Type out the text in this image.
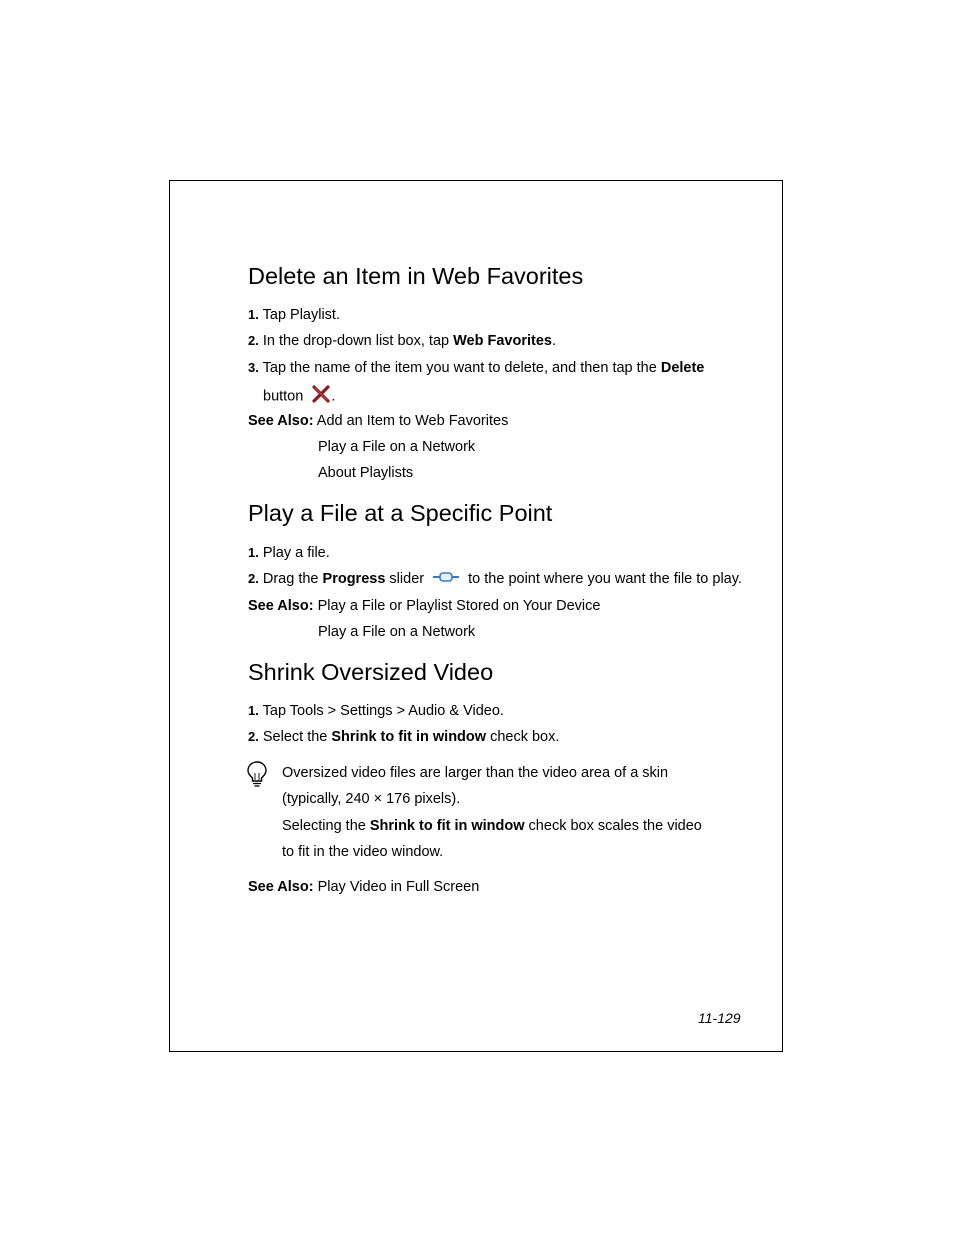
Delete an Item in Web Favorites
1. Tap Playlist.
2. In the drop-down list box, tap Web Favorites.
3. Tap the name of the item you want to delete, and then tap the Delete
button .
See Also: Add an Item to Web Favorites
Play a File on a Network
About Playlists
Play a File at a Specific Point
1. Play a file.
2. Drag the Progress slider  to the point where you want the file to play.
See Also: Play a File or Playlist Stored on Your Device
Play a File on a Network
Shrink Oversized Video
1. Tap Tools > Settings > Audio & Video.
2. Select the Shrink to fit in window check box.
Oversized video files are larger than the video area of a skin
(typically, 240 × 176 pixels).
Selecting the Shrink to fit in window check box scales the video
to fit in the video window.
See Also: Play Video in Full Screen
11-129
